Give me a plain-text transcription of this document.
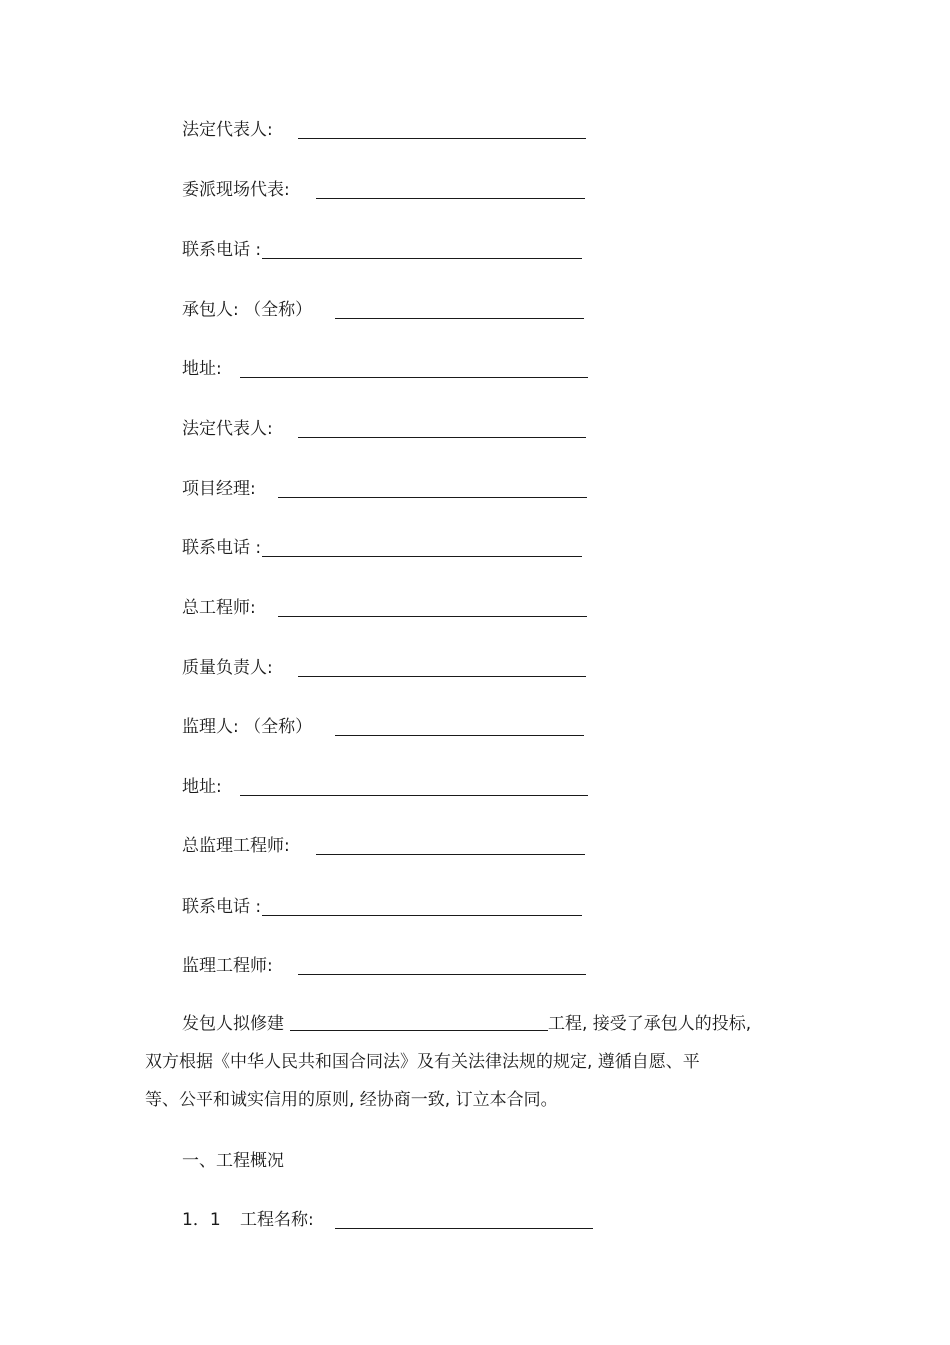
法定代表人:
委派现场代表:
联系电话 :
承包人: （全称）
地址:
法定代表人:
项目经理:
联系电话 :
总工程师:
质量负责人:
监理人: （全称）
地址:
总监理工程师:
联系电话 :
监理工程师:
发包人拟修建	工程, 接受了承包人的投标,
双方根据《中华人民共和国合同法》及有关法律法规的规定, 遵循自愿、平
等、公平和诚实信用的原则, 经协商一致, 订立本合同。
一、工程概况
1．1 工程名称:
